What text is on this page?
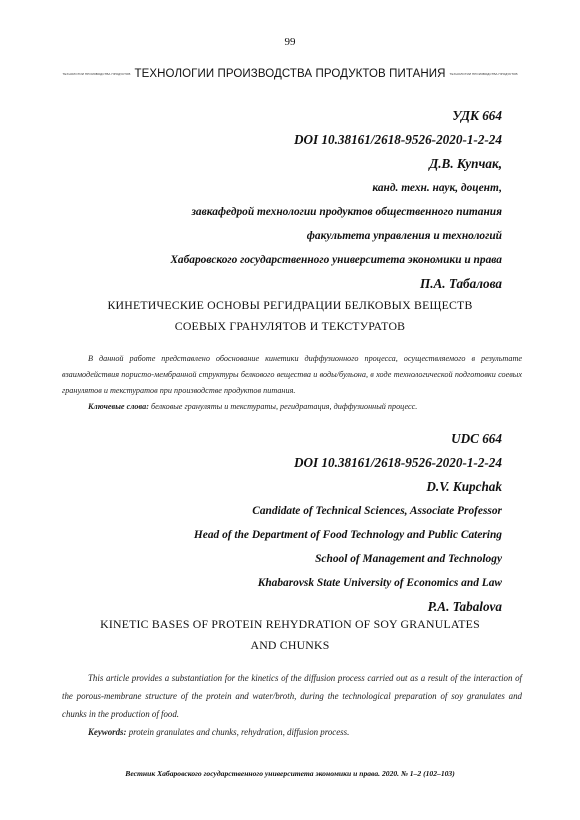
99
ТЕХНОЛОГИИ ПРОИЗВОДСТВА ПРОДУКТОВ ТЕХНОЛОГИИ ПРОИЗВОДСТВА ПРОДУКТОВ ПИТАНИЯ ТЕХНОЛОГИИ ПРОИЗВОДСТВА ПРОДУКТОВ
УДК 664
DOI 10.38161/2618-9526-2020-1-2-24
Д.В. Купчак,
канд. техн. наук, доцент,
завкафедрой технологии продуктов общественного питания
факультета управления и технологий
Хабаровского государственного университета экономики и права
П.А. Табалова
КИНЕТИЧЕСКИЕ ОСНОВЫ РЕГИДРАЦИИ БЕЛКОВЫХ ВЕЩЕСТВ
СОЕВЫХ ГРАНУЛЯТОВ И ТЕКСТУРАТОВ

В данной работе представлено обоснование кинетики диффузионного процесса, осуществляемого в результате взаимодействия пористо-мембранной структуры белкового вещества и воды/бульона, в ходе технологической подготовки соевых гранулятов и текстуратов при производстве продуктов питания.

Ключевые слова: белковые грануляты и текстураты, регидратация, диффузионный процесс.

UDC 664
DOI 10.38161/2618-9526-2020-1-2-24
D.V. Kupchak
Candidate of Technical Sciences, Associate Professor
Head of the Department of Food Technology and Public Catering
School of Management and Technology
Khabarovsk State University of Economics and Law
P.A. Tabalova
KINETIC BASES OF PROTEIN REHYDRATION OF SOY GRANULATES
AND CHUNKS

This article provides a substantiation for the kinetics of the diffusion process carried out as a result of the interaction of the porous-membrane structure of the protein and water/broth, during the technological preparation of soy granulates and chunks in the production of food.

Keywords: protein granulates and chunks, rehydration, diffusion process.

Вестник Хабаровского государственного университета экономики и права. 2020. № 1–2 (102–103)
